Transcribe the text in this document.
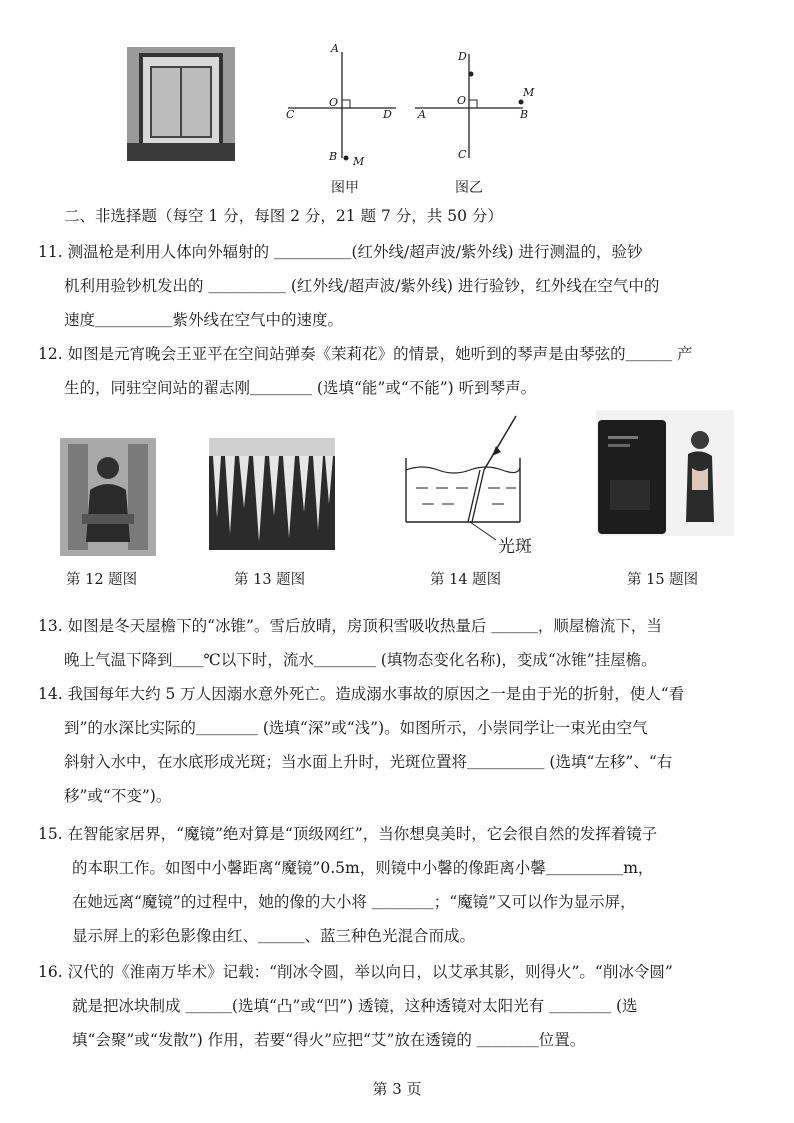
A
O
C	D
B M
图甲
D
O
M
A	B
C
图乙
二、非选择题（每空 1 分，每图 2 分，21 题 7 分，共 50 分）
11. 测温枪是利用人体向外辐射的 ＿＿＿＿＿(红外线/超声波/紫外线) 进行测温的，验钞
机利用验钞机发出的 ＿＿＿＿＿ (红外线/超声波/紫外线) 进行验钞，红外线在空气中的
速度＿＿＿＿＿紫外线在空气中的速度。
12. 如图是元宵晚会王亚平在空间站弹奏《茉莉花》的情景，她听到的琴声是由琴弦的＿＿＿ 产
生的，同驻空间站的翟志刚＿＿＿＿ (选填“能”或“不能”) 听到琴声。
光斑
第 12 题图	第 13 题图	第 14 题图	第 15 题图
13. 如图是冬天屋檐下的“冰锥”。雪后放晴，房顶积雪吸收热量后 ＿＿＿，顺屋檐流下，当
晚上气温下降到＿＿℃以下时，流水＿＿＿＿ (填物态变化名称)，变成“冰锥”挂屋檐。
14. 我国每年大约 5 万人因溺水意外死亡。造成溺水事故的原因之一是由于光的折射，使人“看
到”的水深比实际的＿＿＿＿ (选填“深”或“浅”)。如图所示，小崇同学让一束光由空气
斜射入水中，在水底形成光斑；当水面上升时，光斑位置将＿＿＿＿＿ (选填“左移”、“右
移”或“不变”)。
15. 在智能家居界，“魔镜”绝对算是“顶级网红”，当你想臭美时，它会很自然的发挥着镜子
的本职工作。如图中小馨距离“魔镜”0.5m，则镜中小馨的像距离小馨＿＿＿＿＿m，
在她远离“魔镜”的过程中，她的像的大小将 ＿＿＿＿；“魔镜”又可以作为显示屏，
显示屏上的彩色影像由红、＿＿＿、蓝三种色光混合而成。
16. 汉代的《淮南万毕术》记载：“削冰令圆，举以向日，以艾承其影，则得火”。“削冰令圆”
就是把冰块制成 ＿＿＿(选填“凸”或“凹”) 透镜，这种透镜对太阳光有 ＿＿＿＿ (选
填“会聚”或“发散”) 作用，若要“得火”应把“艾”放在透镜的 ＿＿＿＿位置。
第 3 页
